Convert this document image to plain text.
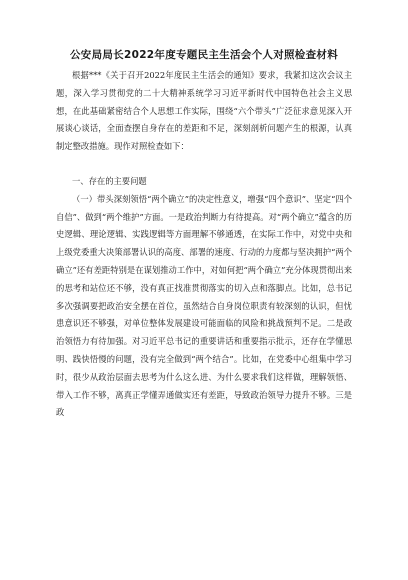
公安局局长2022年度专题民主生活会个人对照检查材料

根据***《关于召开2022年度民主生活会的通知》要求，我紧扣这次会议主题，深入学习贯彻党的二十大精神系统学习习近平新时代中国特色社会主义思想，在此基础紧密结合个人思想工作实际，围绕“六个带头”广泛征求意见深入开展谈心谈话，全面查摆自身存在的差距和不足，深刻剖析问题产生的根源，认真制定整改措施。现作对照检查如下：

一、存在的主要问题

（一）带头深刻领悟“两个确立”的决定性意义，增强“四个意识”、坚定“四个自信”、做到“两个维护”方面。一是政治判断力有待提高。对“两个确立”蕴含的历史逻辑、理论逻辑、实践逻辑等方面理解不够通透，在实际工作中，对党中央和上级党委重大决策部署认识的高度、部署的速度、行动的力度都与坚决拥护“两个确立”还有差距特别是在谋划推动工作中，对如何把“两个确立”充分体现贯彻出来的思考和站位还不够，没有真正找准贯彻落实的切入点和落脚点。比如，总书记多次强调要把政治安全摆在首位，虽然结合自身岗位职责有较深刻的认识，但忧患意识还不够强，对单位整体发展建设可能面临的风险和挑战预判不足。二是政治领悟力有待加强。对习近平总书记的重要讲话和重要指示批示，还存在学懂思明、践快悟慢的问题，没有完全做到“两个结合”。比如，在党委中心组集中学习时，很少从政治层面去思考为什么这么进、为什么要求我们这样做，理解领悟、带入工作不够，离真正学懂弄通做实还有差距，导致政治领导力提升不够。三是政
